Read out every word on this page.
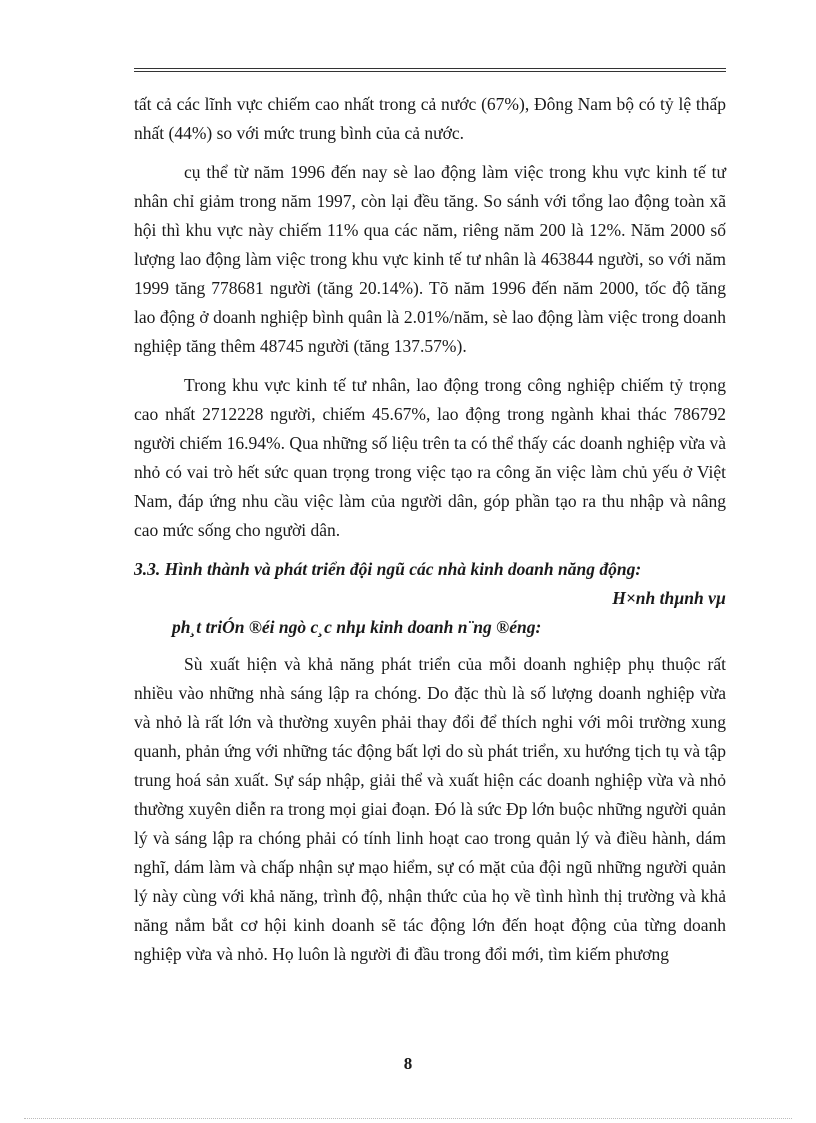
tất cả các lĩnh vực chiếm cao nhất trong cả nước (67%), Đông Nam bộ có tỷ lệ thấp nhất (44%) so với mức trung bình của cả nước.

cụ thể từ năm 1996 đến nay sè lao động làm việc trong khu vực kinh tế tư nhân chỉ giảm trong năm 1997, còn lại đều tăng. So sánh với tổng lao động toàn xã hội thì khu vực này chiếm 11% qua các năm, riêng năm 200 là 12%. Năm 2000 số lượng lao động làm việc trong khu vực kinh tế tư nhân là 463844 người, so với năm 1999 tăng 778681 người (tăng 20.14%). Tõ năm 1996 đến năm 2000, tốc độ tăng lao động ở doanh nghiệp bình quân là 2.01%/năm, sè lao động làm việc trong doanh nghiệp tăng thêm 48745 người (tăng 137.57%).

Trong khu vực kinh tế tư nhân, lao động trong công nghiệp chiếm tỷ trọng cao nhất 2712228 người, chiếm 45.67%, lao động trong ngành khai thác 786792 người chiếm 16.94%. Qua những số liệu trên ta có thể thấy các doanh nghiệp vừa và nhỏ có vai trò hết sức quan trọng trong việc tạo ra công ăn việc làm chủ yếu ở Việt Nam, đáp ứng nhu cầu việc làm của người dân, góp phần tạo ra thu nhập và nâng cao mức sống cho người dân.

3.3. Hình thành và phát triển đội ngũ các nhà kinh doanh năng động:
H×nh thµnh vµ
ph¸t triÓn ®éi ngò c¸c nhµ kinh doanh n¨ng ®éng:

Sù xuất hiện và khả năng phát triển của mỗi doanh nghiệp phụ thuộc rất nhiều vào những nhà sáng lập ra chóng. Do đặc thù là số lượng doanh nghiệp vừa và nhỏ là rất lớn và thường xuyên phải thay đổi để thích nghi với môi trường xung quanh, phản ứng với những tác động bất lợi do sù phát triển, xu hướng tịch tụ và tập trung hoá sản xuất. Sự sáp nhập, giải thể và xuất hiện các doanh nghiệp vừa và nhỏ thường xuyên diễn ra trong mọi giai đoạn. Đó là sức Ðp lớn buộc những người quản lý và sáng lập ra chóng phải có tính linh hoạt cao trong quản lý và điều hành, dám nghĩ, dám làm và chấp nhận sự mạo hiểm, sự có mặt của đội ngũ những người quản lý này cùng với khả năng, trình độ, nhận thức của họ về tình hình thị trường và khả năng nắm bắt cơ hội kinh doanh sẽ tác động lớn đến hoạt động của từng doanh nghiệp vừa và nhỏ. Họ luôn là người đi đầu trong đổi mới, tìm kiếm phương

8
